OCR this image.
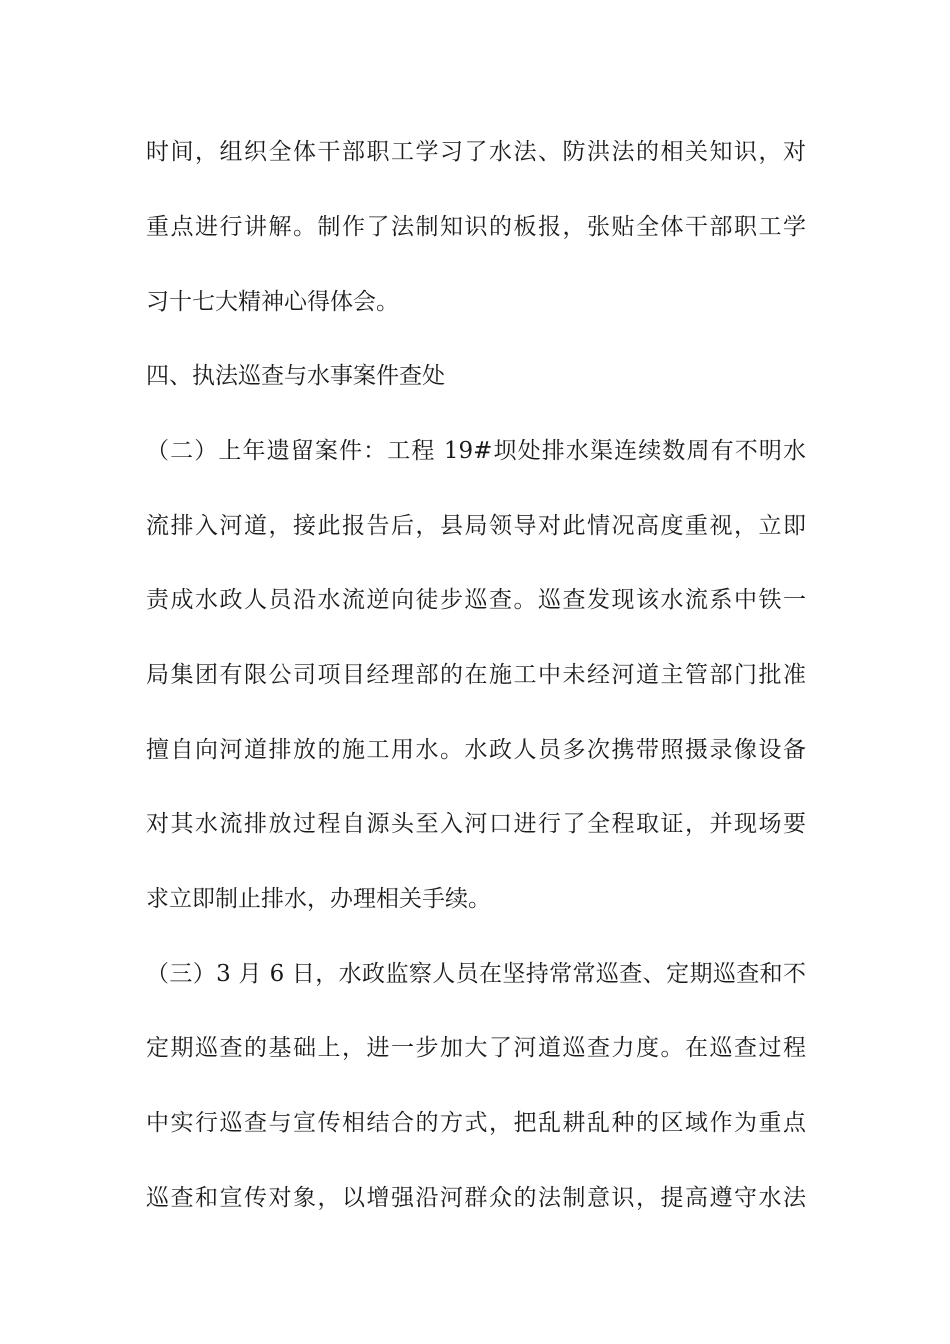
时间，组织全体干部职工学习了水法、防洪法的相关知识，对
重点进行讲解。制作了法制知识的板报，张贴全体干部职工学
习十七大精神心得体会。
四、执法巡查与水事案件查处
（二）上年遗留案件：工程 19#坝处排水渠连续数周有不明水
流排入河道，接此报告后，县局领导对此情况高度重视，立即
责成水政人员沿水流逆向徒步巡查。巡查发现该水流系中铁一
局集团有限公司项目经理部的在施工中未经河道主管部门批准
擅自向河道排放的施工用水。水政人员多次携带照摄录像设备
对其水流排放过程自源头至入河口进行了全程取证，并现场要
求立即制止排水，办理相关手续。
（三）3 月 6 日，水政监察人员在坚持常常巡查、定期巡查和不
定期巡查的基础上，进一步加大了河道巡查力度。在巡查过程
中实行巡查与宣传相结合的方式，把乱耕乱种的区域作为重点
巡查和宣传对象，以增强沿河群众的法制意识，提高遵守水法
